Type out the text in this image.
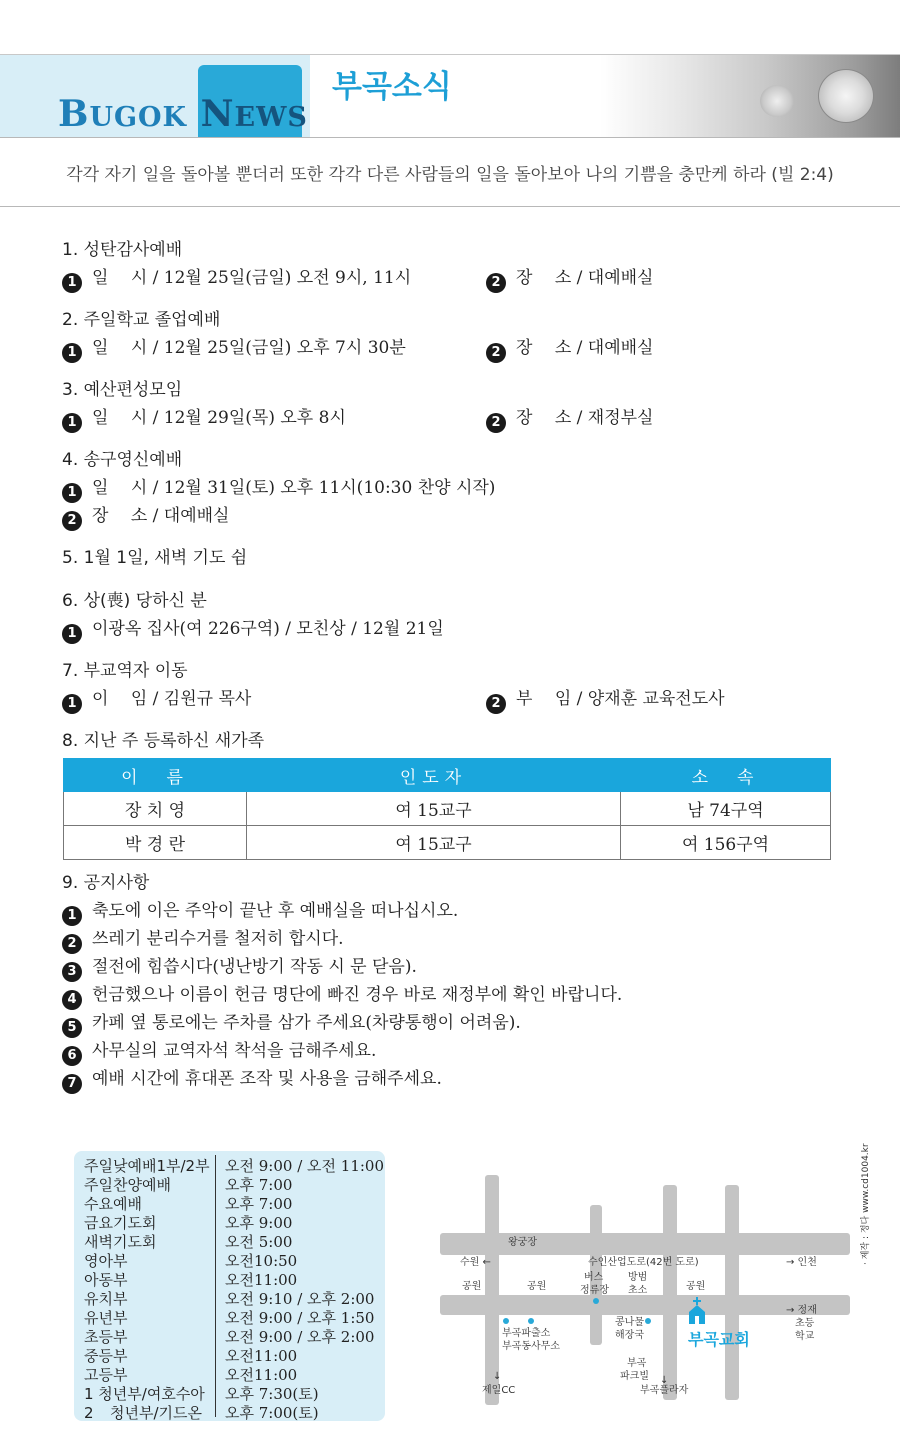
BUGOK NEWS
부곡소식
각각 자기 일을 돌아볼 뿐더러 또한 각각 다른 사람들의 일을 돌아보아 나의 기쁨을 충만케 하라 (빌 2:4)
1. 성탄감사예배
1 일　 시 / 12월 25일(금일) 오전 9시, 11시	2 장　 소 / 대예배실
2. 주일학교 졸업예배
1 일　 시 / 12월 25일(금일) 오후 7시 30분	2 장　 소 / 대예배실
3. 예산편성모임
1 일　 시 / 12월 29일(목) 오후 8시	2 장　 소 / 재정부실
4. 송구영신예배
1 일　 시 / 12월 31일(토) 오후 11시(10:30 찬양 시작)
2 장　 소 / 대예배실
5. 1월 1일, 새벽 기도 쉼
6. 상(喪) 당하신 분
1 이광옥 집사(여 226구역) / 모친상 / 12월 21일
7. 부교역자 이동
1 이　 임 / 김원규 목사	2 부　 임 / 양재훈 교육전도사
8. 지난 주 등록하신 새가족
이　름	인도자	소　속
장 치 영	여 15교구	남 74구역
박 경 란	여 15교구	여 156구역
9. 공지사항
1 축도에 이은 주악이 끝난 후 예배실을 떠나십시오.
2 쓰레기 분리수거를 철저히 합시다.
3 절전에 힘씁시다(냉난방기 작동 시 문 닫음).
4 헌금했으나 이름이 헌금 명단에 빠진 경우 바로 재정부에 확인 바랍니다.
5 카페 옆 통로에는 주차를 삼가 주세요(차량통행이 어려움).
6 사무실의 교역자석 착석을 금해주세요.
7 예배 시간에 휴대폰 조작 및 사용을 금해주세요.
주일낮예배1부/2부 오전 9:00 / 오전 11:00
주일찬양예배	오후 7:00
수요예배	오후 7:00
금요기도회	오후 9:00
새벽기도회	오전 5:00
영아부	오전10:50
아동부	오전11:00
유치부	오전 9:10 / 오후 2:00
유년부	오전 9:00 / 오후 1:50
초등부	오전 9:00 / 오후 2:00
중등부	오전11:00
고등부	오전11:00
1 청년부/여호수아 오후 7:30(토)
2 청년부/기드온 오후 7:00(토)
왕궁장
수원 ←	수인산업도로(42번 도로)	→ 인천
공원	공원	공원
버스
정류장
방범
초소
부곡파출소
부곡동사무소
콩나물
해장국
→ 정재
초등
학교
부곡
파크빌
부곡교회
↓
제일CC
↓
부곡플라자
· 제작 : 정다 www.cd1004.kr
